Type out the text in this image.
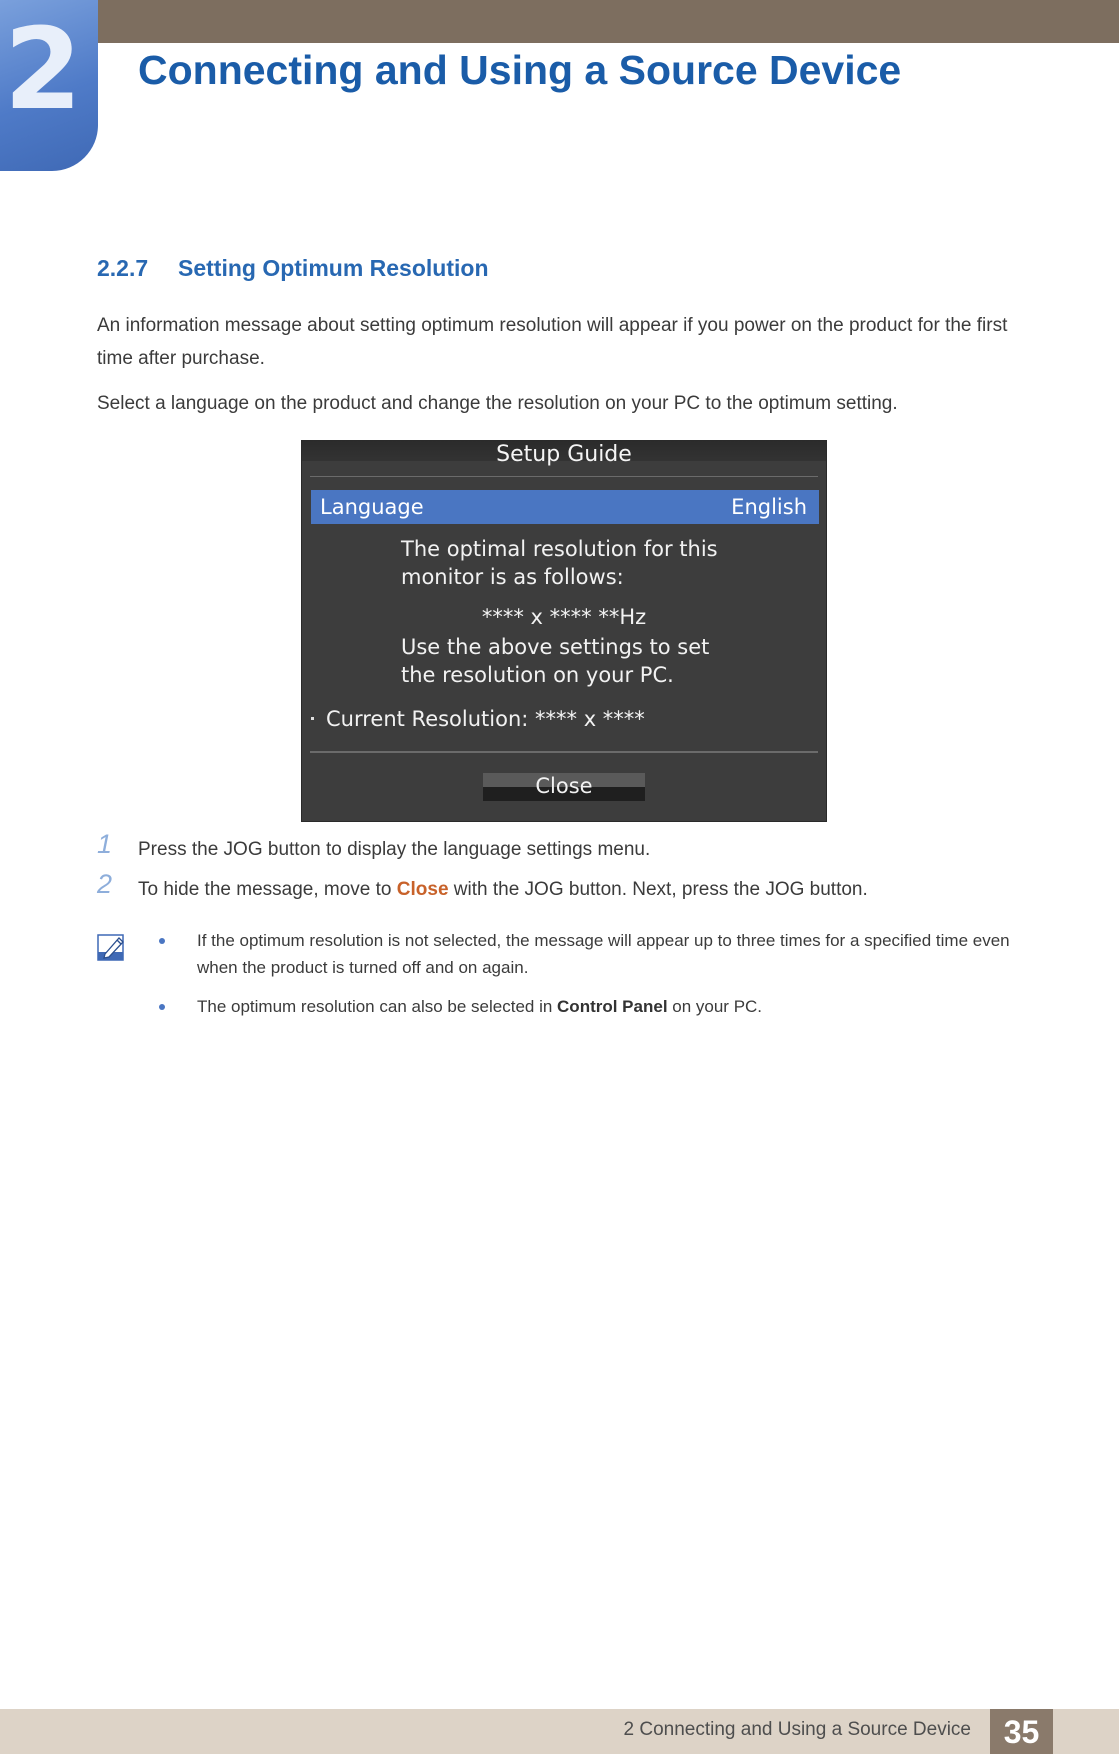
2 Connecting and Using a Source Device
2.2.7 Setting Optimum Resolution
An information message about setting optimum resolution will appear if you power on the product for the first time after purchase.
Select a language on the product and change the resolution on your PC to the optimum setting.
Setup Guide
Language	English
The optimal resolution for this
monitor is as follows:
**** x **** **Hz
Use the above settings to set
the resolution on your PC.
Current Resolution: **** x ****
Close
1 Press the JOG button to display the language settings menu.
2 To hide the message, move to Close with the JOG button. Next, press the JOG button.
If the optimum resolution is not selected, the message will appear up to three times for a specified time even when the product is turned off and on again.
The optimum resolution can also be selected in Control Panel on your PC.
2 Connecting and Using a Source Device	35
